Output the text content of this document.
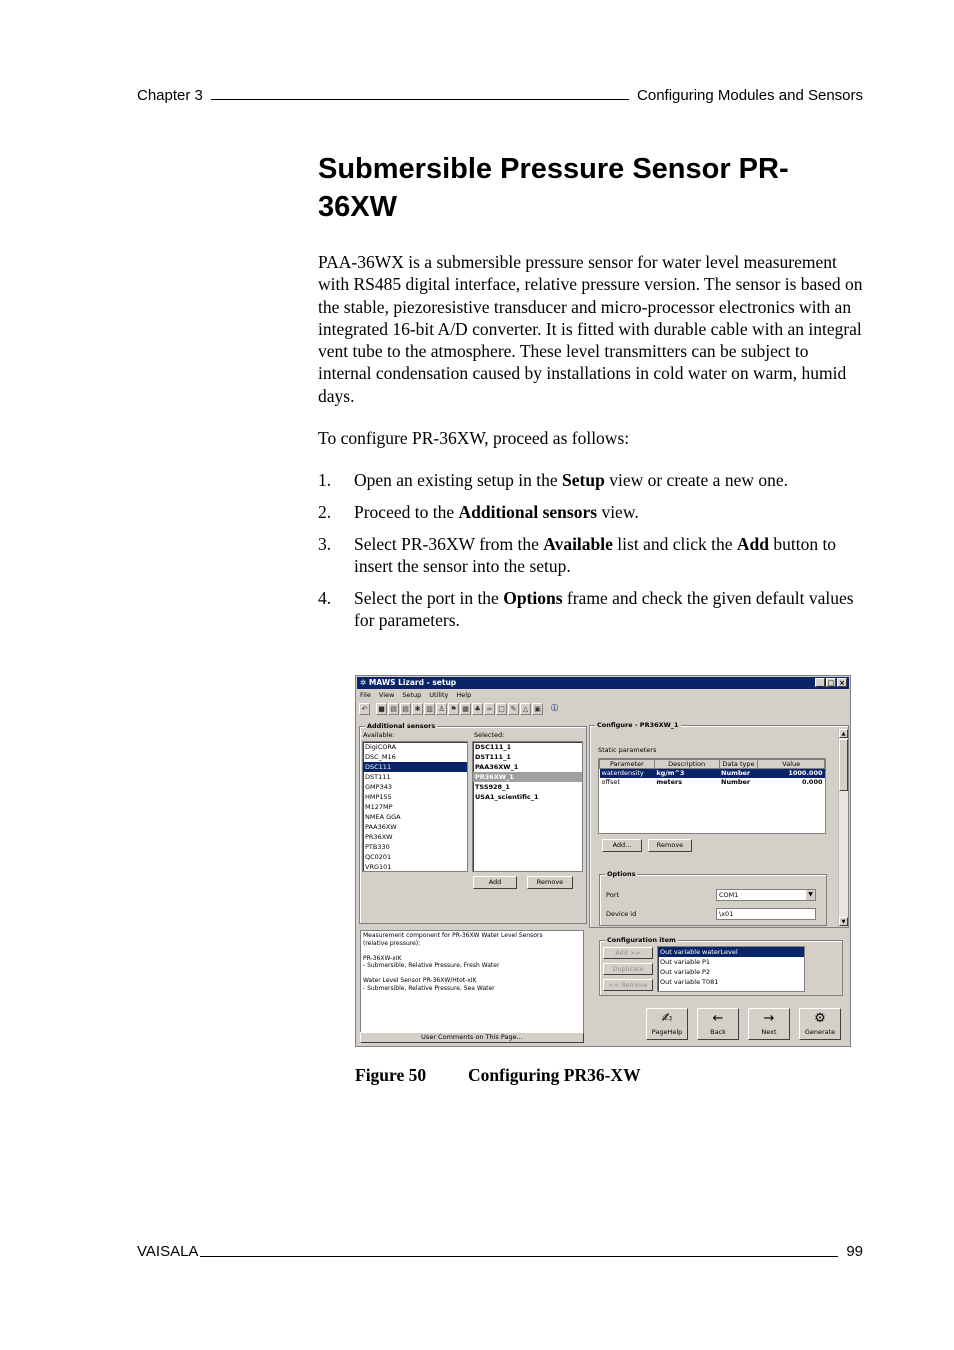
Chapter 3	Configuring Modules and Sensors
Submersible Pressure Sensor PR-36XW

PAA-36WX is a submersible pressure sensor for water level measurement with RS485 digital interface, relative pressure version. The sensor is based on the stable, piezoresistive transducer and micro-processor electronics with an integrated 16-bit A/D converter. It is fitted with durable cable with an integral vent tube to the atmosphere. These level transmitters can be subject to internal condensation caused by installations in cold water on warm, humid days.

To configure PR-36XW, proceed as follows:

1.	Open an existing setup in the Setup view or create a new one.
2.	Proceed to the Additional sensors view.
3.	Select PR-36XW from the Available list and click the Add button to insert the sensor into the setup.
4.	Select the port in the Options frame and check the given default values for parameters.
✲ MAWS Lizard - setup	_ □ ×
File View Setup Utility Help
↶	■ ▤ ▤ ✱ ▥ ♙ ⚑ ▦ ♣ ∞ □ ✎ △ ▣	ⓘ
Additional sensors
Available:	Selected:
DigiCORA
DSC_M16
DSC111
DST111
GMP343
HMP155
M127MP
NMEA GGA
PAA36XW
PR36XW
PTB330
QC0201
VRG101
DSC111_1
DST111_1
PAA36XW_1
PR36XW_1
TSS928_1
USA1_scientific_1
Add	Remove
Measurement component for PR-36XW Water Level Sensors
(relative pressure):

PR-36XW-xIK
- Submersible, Relative Pressure, Fresh Water

Water Level Sensor PR-36XW/Htot-xIK
- Submersible, Relative Pressure, Sea Water
User Comments on This Page...
Configure - PR36XW_1
Static parameters
Parameter	Description	Data type	Value
waterdensity	kg/m^3	Number	1000.000
offset	meters	Number	0.000
Add...	Remove
Options
Port	COM1	▼
Device id	\x01
▲
▼
Configuration item
Add >>
Duplicate
<< Remove
Out variable waterLevel
Out variable P1
Out variable P2
Out variable T081
✍
PageHelp
←
Back
→
Next
⚙
Generate
Figure 50 Configuring PR36-XW
VAISALA	99
